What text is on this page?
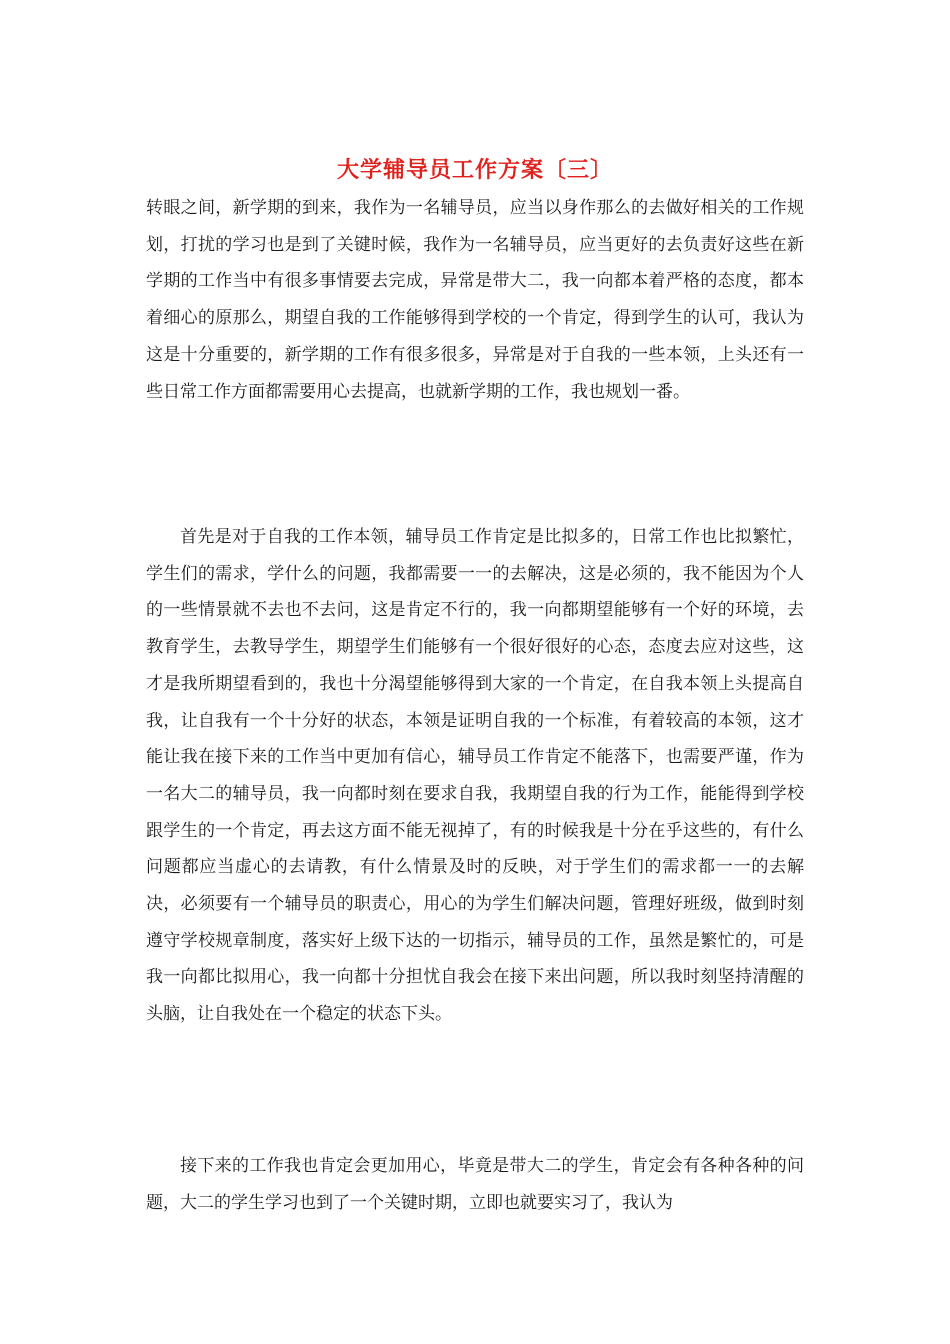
大学辅导员工作方案〔三〕

转眼之间，新学期的到来，我作为一名辅导员，应当以身作那么的去做好相关的工作规划，打扰的学习也是到了关键时候，我作为一名辅导员，应当更好的去负责好这些在新学期的工作当中有很多事情要去完成，异常是带大二，我一向都本着严格的态度，都本着细心的原那么，期望自我的工作能够得到学校的一个肯定，得到学生的认可，我认为这是十分重要的，新学期的工作有很多很多，异常是对于自我的一些本领，上头还有一些日常工作方面都需要用心去提高，也就新学期的工作，我也规划一番。

首先是对于自我的工作本领，辅导员工作肯定是比拟多的，日常工作也比拟繁忙，学生们的需求，学什么的问题，我都需要一一的去解决，这是必须的，我不能因为个人的一些情景就不去也不去问，这是肯定不行的，我一向都期望能够有一个好的环境，去教育学生，去教导学生，期望学生们能够有一个很好很好的心态，态度去应对这些，这才是我所期望看到的，我也十分渴望能够得到大家的一个肯定，在自我本领上头提高自我，让自我有一个十分好的状态，本领是证明自我的一个标准，有着较高的本领，这才能让我在接下来的工作当中更加有信心，辅导员工作肯定不能落下，也需要严谨，作为一名大二的辅导员，我一向都时刻在要求自我，我期望自我的行为工作，能能得到学校跟学生的一个肯定，再去这方面不能无视掉了，有的时候我是十分在乎这些的，有什么问题都应当虚心的去请教，有什么情景及时的反映，对于学生们的需求都一一的去解决，必须要有一个辅导员的职责心，用心的为学生们解决问题，管理好班级，做到时刻遵守学校规章制度，落实好上级下达的一切指示，辅导员的工作，虽然是繁忙的，可是我一向都比拟用心，我一向都十分担忧自我会在接下来出问题，所以我时刻坚持清醒的头脑，让自我处在一个稳定的状态下头。

接下来的工作我也肯定会更加用心，毕竟是带大二的学生，肯定会有各种各种的问题，大二的学生学习也到了一个关键时期，立即也就要实习了，我认为
